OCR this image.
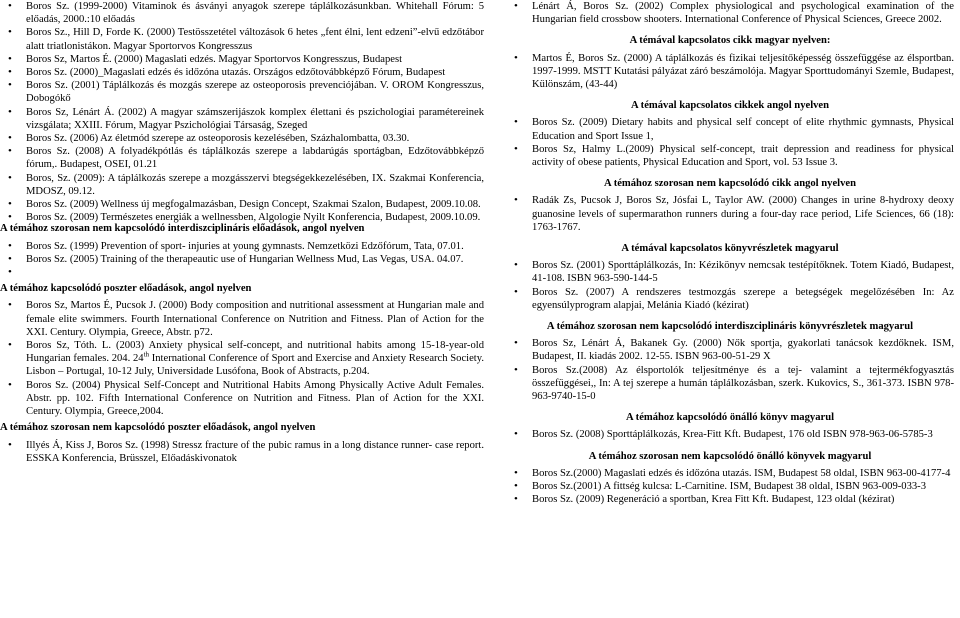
• Boros Sz. (1999-2000) Vitaminok és ásványi anyagok szerepe táplálkozásunkban. Whitehall Fórum: 5 előadás, 2000.:10 előadás
• Boros Sz., Hill D, Forde K. (2000) Testösszetétel változások 6 hetes „fent élni, lent edzeni”-elvű edzőtábor alatt triatlonistákon. Magyar Sportorvos Kongresszus
• Boros Sz, Martos É. (2000) Magaslati edzés. Magyar Sportorvos Kongresszus, Budapest
• Boros Sz. (2000)_Magaslati edzés és időzóna utazás. Országos edzőtovábbképző Fórum, Budapest
• Boros Sz. (2001) Táplálkozás és mozgás szerepe az osteoporosis prevenciójában. V. OROM Kongresszus, Dobogókő
• Boros Sz, Lénárt Á. (2002) A magyar számszerijászok komplex élettani és pszichologiai paramétereinek vizsgálata; XXIII. Fórum, Magyar Pszichológiai Társaság, Szeged
• Boros Sz. (2006) Az életmód szerepe az osteoporosis kezelésében, Százhalombatta, 03.30.
• Boros Sz. (2008) A folyadékpótlás és táplálkozás szerepe a labdarúgás sportágban, Edzőtovábbképző fórum,. Budapest, OSEI, 01.21
• Boros, Sz. (2009): A táplálkozás szerepe a mozgásszervi btegségekkezelésében, IX. Szakmai Konferencia, MDOSZ, 09.12.
• Boros Sz. (2009) Wellness új megfogalmazásban, Design Concept, Szakmai Szalon, Budapest, 2009.10.08.
• Boros Sz. (2009) Természetes energiák a wellnessben, Algologie Nyilt Konferencia, Budapest, 2009.10.09.
A témához szorosan nem kapcsolódó interdiszciplináris előadások, angol nyelven
• Boros Sz. (1999) Prevention of sport- injuries at young gymnasts. Nemzetközi Edzőfórum, Tata, 07.01.
• Boros Sz. (2005) Training of the therapeautic use of Hungarian Wellness Mud, Las Vegas, USA. 04.07.
•
A témához kapcsolódó poszter előadások, angol nyelven
• Boros Sz, Martos É, Pucsok J. (2000) Body composition and nutritional assessment at Hungarian male and female elite swimmers. Fourth International Conference on Nutrition and Fitness. Plan of Action for the XXI. Century. Olympia, Greece, Abstr. p72.
• Boros Sz, Tóth. L. (2003) Anxiety physical self-concept, and nutritional habits among 15-18-year-old Hungarian females. 204. 24th International Conference of Sport and Exercise and Anxiety Research Society. Lisbon – Portugal, 10-12 July, Universidade Lusófona, Book of Abstracts, p.204.
• Boros Sz. (2004) Physical Self-Concept and Nutritional Habits Among Physically Active Adult Females. Abstr. pp. 102. Fifth International Conference on Nutrition and Fitness. Plan of Action for the XXI. Century. Olympia, Greece,2004.
A témához szorosan nem kapcsolódó poszter előadások, angol nyelven
• Illyés Á, Kiss J, Boros Sz. (1998) Stressz fracture of the pubic ramus in a long distance runner- case report. ESSKA Konferencia, Brüsszel, Előadáskivonatok
• Lénárt Á, Boros Sz. (2002) Complex physiological and psychological examination of the Hungarian field crossbow shooters. International Conference of Physical Sciences, Greece 2002.
A témával kapcsolatos cikk magyar nyelven:
• Martos É, Boros Sz. (2000) A táplálkozás és fizikai teljesítőképesség összefüggése az élsportban. 1997-1999. MSTT Kutatási pályázat záró beszámolója. Magyar Sporttudományi Szemle, Budapest, Különszám, (43-44)
A témával kapcsolatos cikkek angol nyelven
• Boros Sz. (2009) Dietary habits and physical self concept of elite rhythmic gymnasts, Physical Education and Sport Issue 1,
• Boros Sz, Halmy L.(2009) Physical self-concept, trait depression and readiness for physical activity of obese patients, Physical Education and Sport, vol. 53 Issue 3.
A témához szorosan nem kapcsolódó cikk angol nyelven
• Radák Zs, Pucsok J, Boros Sz, Jósfai L, Taylor AW. (2000) Changes in urine 8-hydroxy deoxy guanosine levels of supermarathon runners during a four-day race period, Life Sciences, 66 (18): 1763-1767.
A témával kapcsolatos könyvrészletek magyarul
• Boros Sz. (2001) Sporttáplálkozás, In: Kézikönyv nemcsak testépítőknek. Totem Kiadó, Budapest, 41-108. ISBN 963-590-144-5
• Boros Sz. (2007) A rendszeres testmozgás szerepe a betegségek megelőzésében In: Az egyensúlyprogram alapjai, Melánia Kiadó (kézirat)
A témához szorosan nem kapcsolódó interdiszciplináris könyvrészletek magyarul
• Boros Sz, Lénárt Á, Bakanek Gy. (2000) Nők sportja, gyakorlati tanácsok kezdőknek. ISM, Budapest, II. kiadás 2002. 12-55. ISBN 963-00-51-29 X
• Boros Sz.(2008) Az élsportolók teljesítménye és a tej- valamint a tejtermékfogyasztás összefüggései,, In: A tej szerepe a humán táplálkozásban, szerk. Kukovics, S., 361-373. ISBN 978-963-9740-15-0
A témához kapcsolódó önálló könyv magyarul
• Boros Sz. (2008) Sporttáplálkozás, Krea-Fitt Kft. Budapest, 176 old ISBN 978-963-06-5785-3
A témához szorosan nem kapcsolódó önálló könyvek magyarul
• Boros Sz.(2000) Magaslati edzés és időzóna utazás. ISM, Budapest 58 oldal, ISBN 963-00-4177-4
• Boros Sz.(2001) A fittség kulcsa: L-Carnitine. ISM, Budapest 38 oldal, ISBN 963-009-033-3
• Boros Sz. (2009) Regeneráció a sportban, Krea Fitt Kft. Budapest, 123 oldal (kézirat)
